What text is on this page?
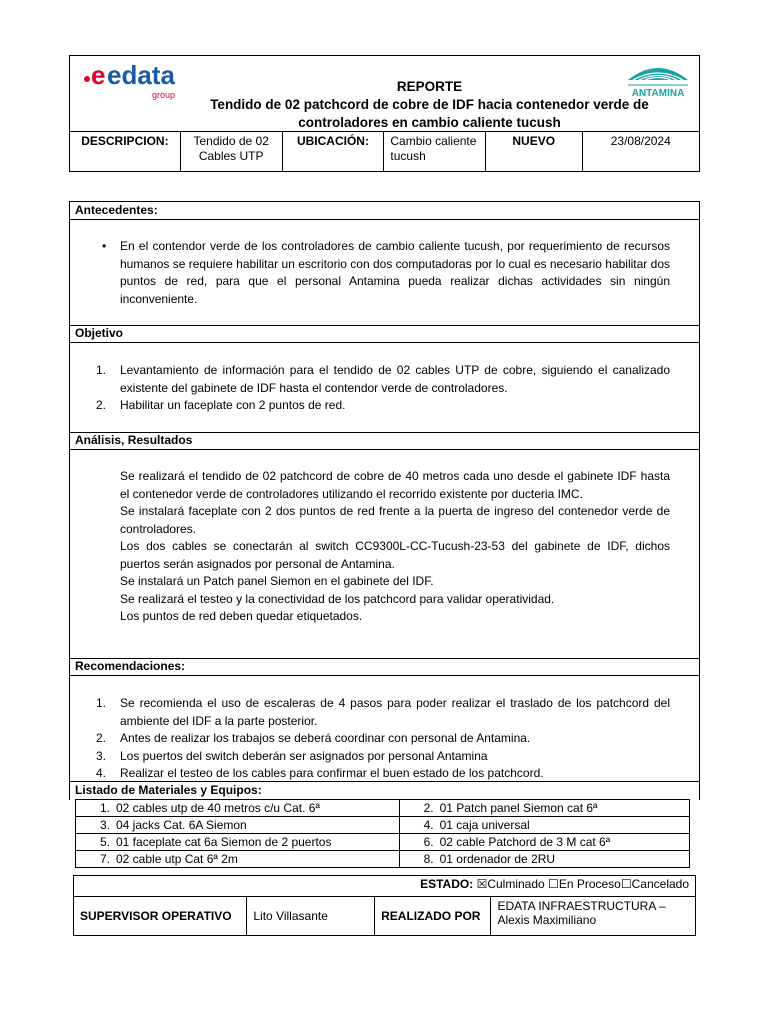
e edata
group	ANTAMINA
REPORTE
Tendido de 02 patchcord de cobre de IDF hacia contenedor verde de
controladores en cambio caliente tucush
DESCRIPCION:	Tendido de 02 Cables UTP	UBICACIÓN:	Cambio caliente tucush	NUEVO	23/08/2024
Antecedentes:
• En el contendor verde de los controladores de cambio caliente tucush, por requerimiento de recursos humanos se requiere habilitar un escritorio con dos computadoras por lo cual es necesario habilitar dos puntos de red, para que el personal Antamina pueda realizar dichas actividades sin ningún inconveniente.
Objetivo
1. Levantamiento de información para el tendido de 02 cables UTP de cobre, siguiendo el canalizado existente del gabinete de IDF hasta el contendor verde de controladores.
2. Habilitar un faceplate con 2 puntos de red.
Análisis, Resultados
Se realizará el tendido de 02 patchcord de cobre de 40 metros cada uno desde el gabinete IDF hasta el contenedor verde de controladores utilizando el recorrido existente por ducteria IMC.
Se instalará faceplate con 2 dos puntos de red frente a la puerta de ingreso del contenedor verde de controladores.
Los dos cables se conectarán al switch CC9300L-CC-Tucush-23-53 del gabinete de IDF, dichos puertos serán asignados por personal de Antamina.
Se instalará un Patch panel Siemon en el gabinete del IDF.
Se realizará el testeo y la conectividad de los patchcord para validar operatividad.
Los puntos de red deben quedar etiquetados.
Recomendaciones:
1. Se recomienda el uso de escaleras de 4 pasos para poder realizar el traslado de los patchcord del ambiente del IDF a la parte posterior.
2. Antes de realizar los trabajos se deberá coordinar con personal de Antamina.
3. Los puertos del switch deberán ser asignados por personal Antamina
4. Realizar el testeo de los cables para confirmar el buen estado de los patchcord.
Listado de Materiales y Equipos:
1. 02 cables utp de 40 metros c/u Cat. 6ª	2. 01 Patch panel Siemon cat 6ª
3. 04 jacks Cat. 6A Siemon	4. 01 caja universal
5. 01 faceplate cat 6a Siemon de 2 puertos	6. 02 cable Patchord de 3 M cat 6ª
7. 02 cable utp Cat 6ª 2m	8. 01 ordenador de 2RU
ESTADO: ☒Culminado ☐En Proceso☐Cancelado
SUPERVISOR OPERATIVO	Lito Villasante	REALIZADO POR	
EDATA INFRAESTRUCTURA –
Alexis Maximiliano
